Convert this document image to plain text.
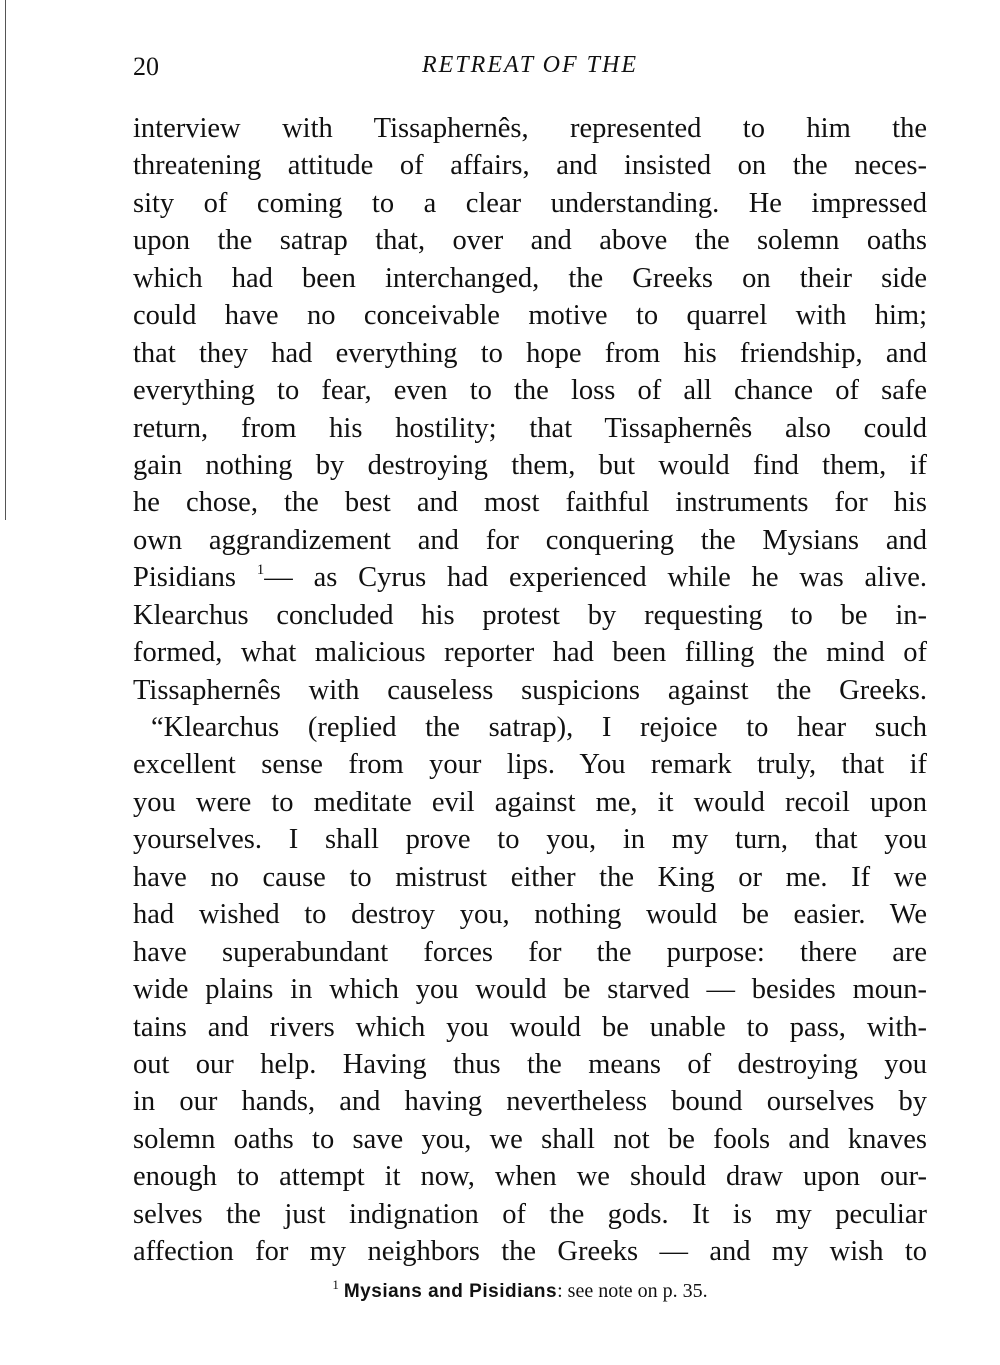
20	RETREAT OF THE
interview with Tissaphernês, represented to him the
threatening attitude of affairs, and insisted on the neces-
sity of coming to a clear understanding. He impressed
upon the satrap that, over and above the solemn oaths
which had been interchanged, the Greeks on their side
could have no conceivable motive to quarrel with him;
that they had everything to hope from his friendship, and
everything to fear, even to the loss of all chance of safe
return, from his hostility; that Tissaphernês also could
gain nothing by destroying them, but would find them, if
he chose, the best and most faithful instruments for his
own aggrandizement and for conquering the Mysians and
Pisidians $^1$— as Cyrus had experienced while he was alive.
Klearchus concluded his protest by requesting to be in-
formed, what malicious reporter had been filling the mind of
Tissaphernês with causeless suspicions against the Greeks.
“Klearchus (replied the satrap), I rejoice to hear such
excellent sense from your lips. You remark truly, that if
you were to meditate evil against me, it would recoil upon
yourselves. I shall prove to you, in my turn, that you
have no cause to mistrust either the King or me. If we
had wished to destroy you, nothing would be easier. We
have superabundant forces for the purpose: there are
wide plains in which you would be starved — besides moun-
tains and rivers which you would be unable to pass, with-
out our help. Having thus the means of destroying you
in our hands, and having nevertheless bound ourselves by
solemn oaths to save you, we shall not be fools and knaves
enough to attempt it now, when we should draw upon our-
selves the just indignation of the gods. It is my peculiar
affection for my neighbors the Greeks — and my wish to
$^1$ Mysians and Pisidians: see note on p. 35.
